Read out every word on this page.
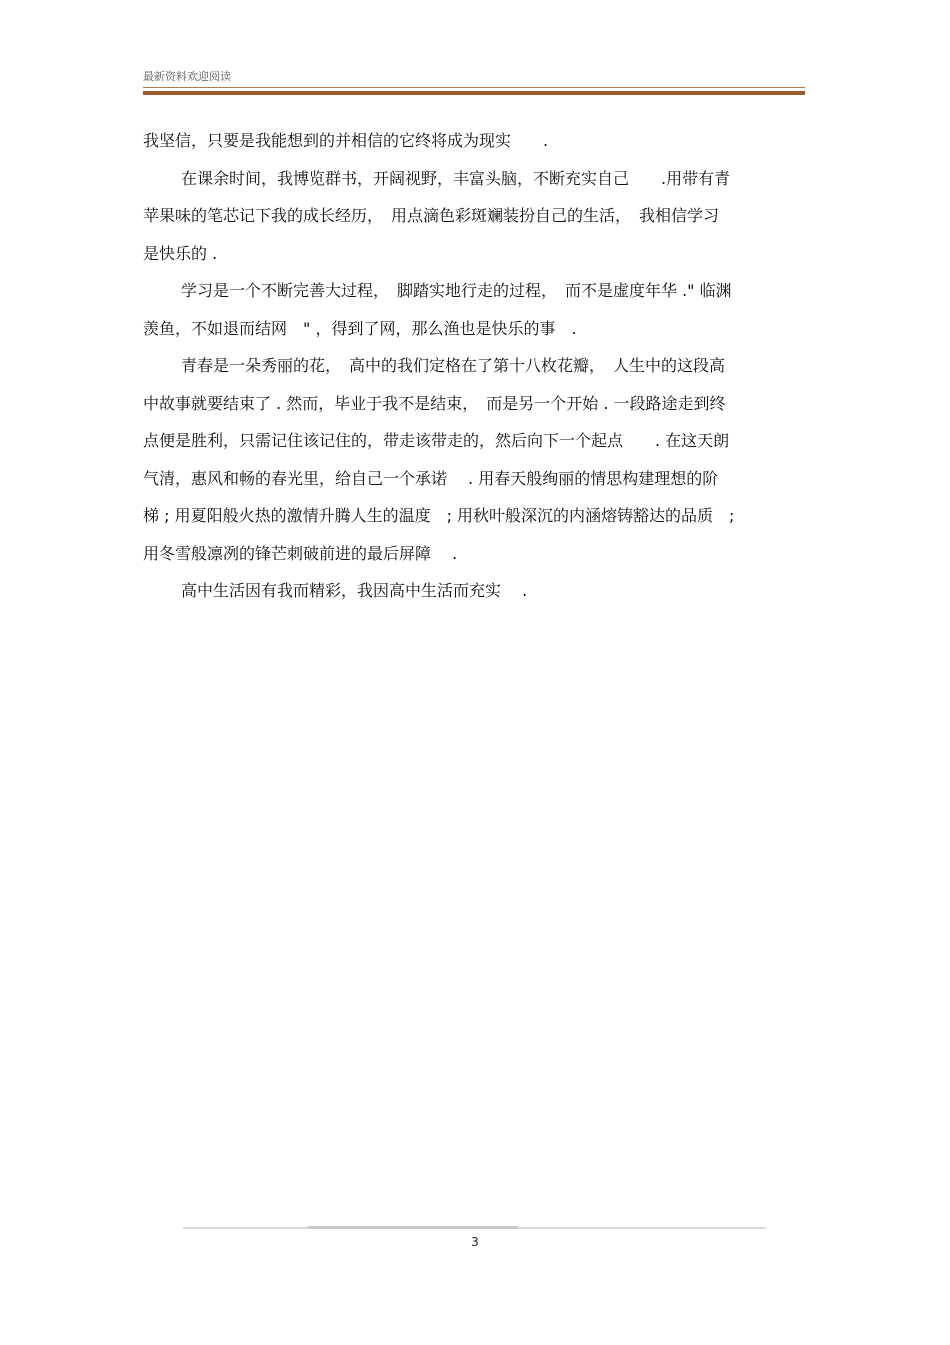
最新资料欢迎阅读
我坚信，只要是我能想到的并相信的它终将成为现实　　.
在课余时间，我博览群书，开阔视野，丰富头脑，不断充实自己　　.用带有青
苹果味的笔芯记下我的成长经历，　用点滴色彩斑斓装扮自己的生活，　我相信学习
是快乐的 .
学习是一个不断完善大过程，　脚踏实地行走的过程，　而不是虚度年华 ." 临渊
羡鱼，不如退而结网　" ，得到了网，那么渔也是快乐的事　.
青春是一朵秀丽的花，　高中的我们定格在了第十八枚花瓣，　人生中的这段高
中故事就要结束了 . 然而，毕业于我不是结束，　而是另一个开始 . 一段路途走到终
点便是胜利，只需记住该记住的，带走该带走的，然后向下一个起点　　. 在这天朗
气清，惠风和畅的春光里，给自己一个承诺　 . 用春天般绚丽的情思构建理想的阶
梯 ; 用夏阳般火热的激情升腾人生的温度　; 用秋叶般深沉的内涵熔铸豁达的品质　;
用冬雪般凛冽的锋芒刺破前进的最后屏障　 .
高中生活因有我而精彩，我因高中生活而充实　 .
3
